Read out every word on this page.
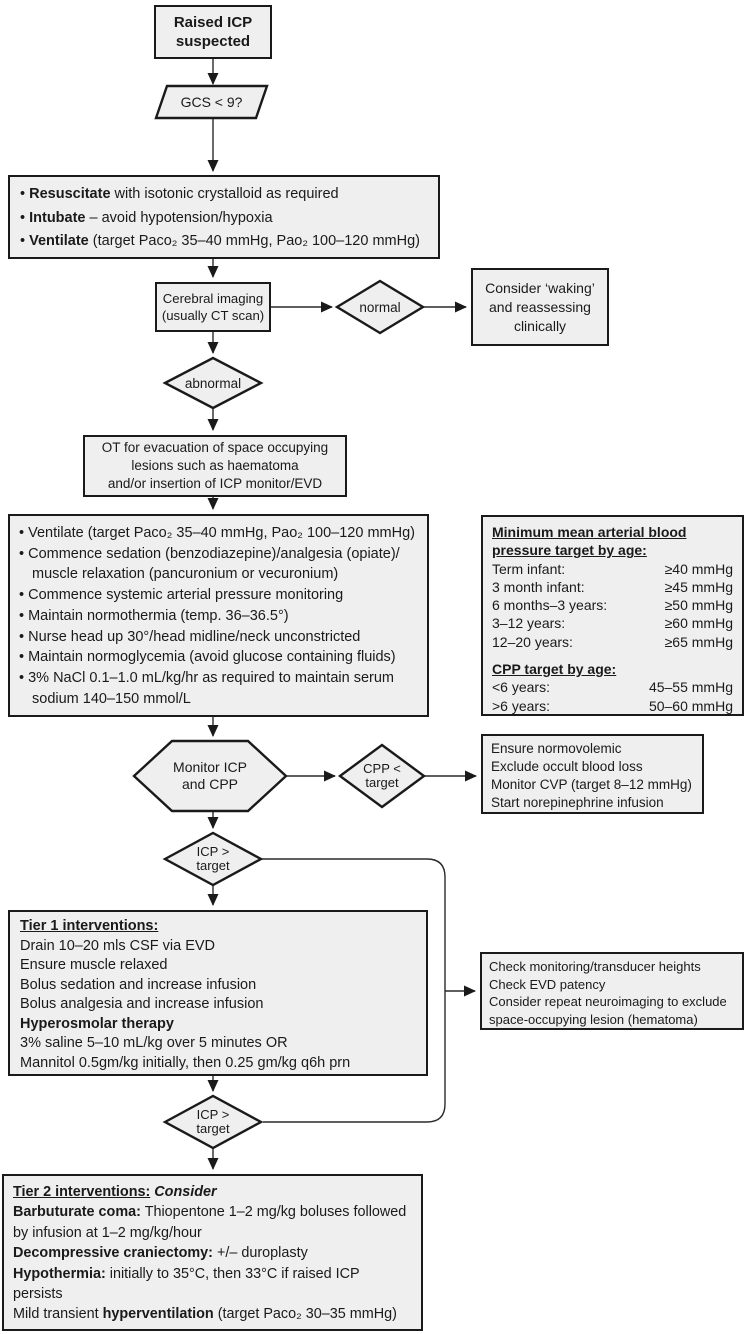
Raised ICP
suspected
GCS < 9?
• Resuscitate with isotonic crystalloid as required
• Intubate – avoid hypotension/hypoxia
• Ventilate (target Paco₂ 35–40 mmHg, Pao₂ 100–120 mmHg)
Cerebral imaging
(usually CT scan)
normal
Consider ‘waking’
and reassessing
clinically
abnormal
OT for evacuation of space occupying
lesions such as haematoma
and/or insertion of ICP monitor/EVD
• Ventilate (target Paco₂ 35–40 mmHg, Pao₂ 100–120 mmHg)
• Commence sedation (benzodiazepine)/analgesia (opiate)/
muscle relaxation (pancuronium or vecuronium)
• Commence systemic arterial pressure monitoring
• Maintain normothermia (temp. 36–36.5°)
• Nurse head up 30°/head midline/neck unconstricted
• Maintain normoglycemia (avoid glucose containing fluids)
• 3% NaCl 0.1–1.0 mL/kg/hr as required to maintain serum
sodium 140–150 mmol/L
Minimum mean arterial blood
pressure target by age:
Term infant:	≥40 mmHg
3 month infant:	≥45 mmHg
6 months–3 years:	≥50 mmHg
3–12 years:	≥60 mmHg
12–20 years:	≥65 mmHg
CPP target by age:
<6 years:	45–55 mmHg
>6 years:	50–60 mmHg
Monitor ICP
and CPP
CPP <
target
Ensure normovolemic
Exclude occult blood loss
Monitor CVP (target 8–12 mmHg)
Start norepinephrine infusion
ICP >
target
Tier 1 interventions:
Drain 10–20 mls CSF via EVD
Ensure muscle relaxed
Bolus sedation and increase infusion
Bolus analgesia and increase infusion
Hyperosmolar therapy
3% saline 5–10 mL/kg over 5 minutes OR
Mannitol 0.5gm/kg initially, then 0.25 gm/kg q6h prn
Check monitoring/transducer heights
Check EVD patency
Consider repeat neuroimaging to exclude
space-occupying lesion (hematoma)
ICP >
target
Tier 2 interventions: Consider
Barbuturate coma: Thiopentone 1–2 mg/kg boluses followed
by infusion at 1–2 mg/kg/hour
Decompressive craniectomy: +/– duroplasty
Hypothermia: initially to 35°C, then 33°C if raised ICP
persists
Mild transient hyperventilation (target Paco₂ 30–35 mmHg)
